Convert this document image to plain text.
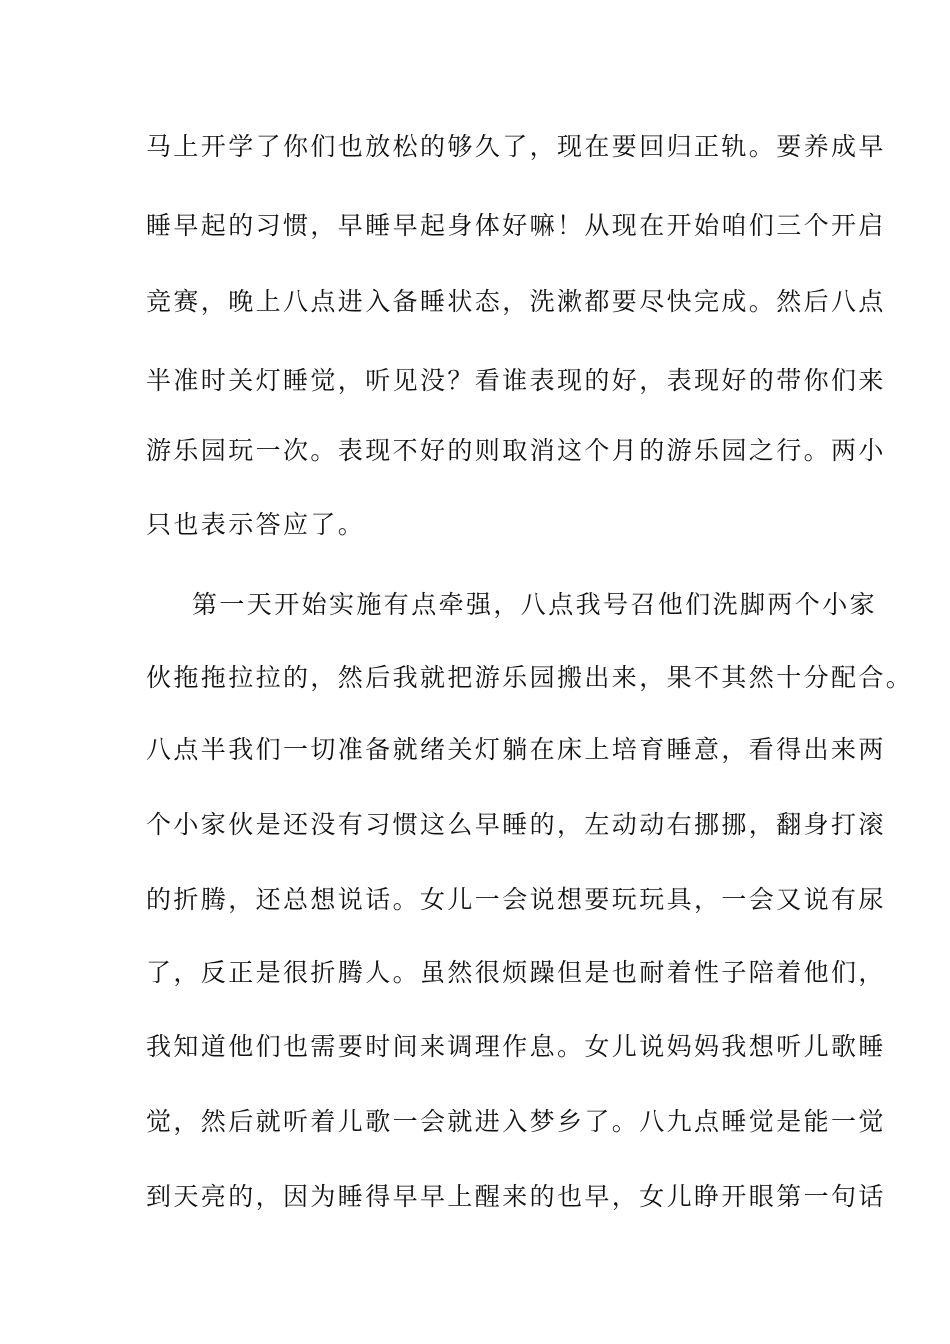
马上开学了你们也放松的够久了，现在要回归正轨。要养成早
睡早起的习惯，早睡早起身体好嘛！从现在开始咱们三个开启
竞赛，晚上八点进入备睡状态，洗漱都要尽快完成。然后八点
半准时关灯睡觉，听见没？看谁表现的好，表现好的带你们来
游乐园玩一次。表现不好的则取消这个月的游乐园之行。两小
只也表示答应了。
第一天开始实施有点牵强，八点我号召他们洗脚两个小家
伙拖拖拉拉的，然后我就把游乐园搬出来，果不其然十分配合。
八点半我们一切准备就绪关灯躺在床上培育睡意，看得出来两
个小家伙是还没有习惯这么早睡的，左动动右挪挪，翻身打滚
的折腾，还总想说话。女儿一会说想要玩玩具，一会又说有尿
了，反正是很折腾人。虽然很烦躁但是也耐着性子陪着他们，
我知道他们也需要时间来调理作息。女儿说妈妈我想听儿歌睡
觉，然后就听着儿歌一会就进入梦乡了。八九点睡觉是能一觉
到天亮的，因为睡得早早上醒来的也早，女儿睁开眼第一句话
